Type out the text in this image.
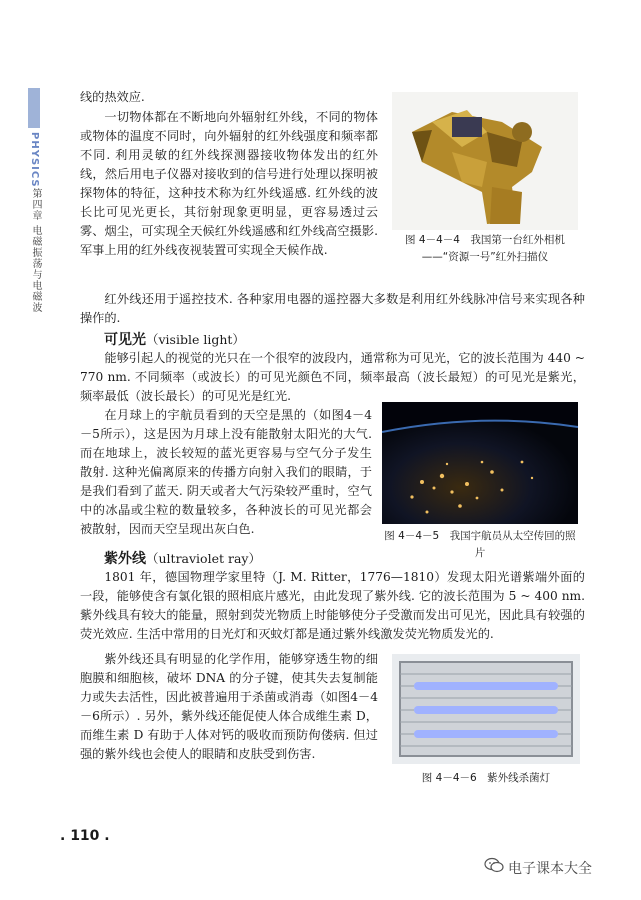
PHYSICS
第四章 电磁振荡与电磁波

线的热效应.

一切物体都在不断地向外辐射红外线，不同的物体或物体的温度不同时，向外辐射的红外线强度和频率都不同. 利用灵敏的红外线探测器接收物体发出的红外线，然后用电子仪器对接收到的信号进行处理以探明被探物体的特征，这种技术称为红外线遥感. 红外线的波长比可见光更长，其衍射现象更明显，更容易透过云雾、烟尘，可实现全天候红外线遥感和红外线高空摄影. 军事上用的红外线夜视装置可实现全天候作战.

图 4－4－4　我国第一台红外相机——“资源一号”红外扫描仪

红外线还用于遥控技术. 各种家用电器的遥控器大多数是利用红外线脉冲信号来实现各种操作的.

可见光（visible light）

能够引起人的视觉的光只在一个很窄的波段内，通常称为可见光，它的波长范围为 440 ~ 770 nm. 不同频率（或波长）的可见光颜色不同，频率最高（波长最短）的可见光是紫光，频率最低（波长最长）的可见光是红光.

在月球上的宇航员看到的天空是黑的（如图4－4－5所示），这是因为月球上没有能散射太阳光的大气. 而在地球上，波长较短的蓝光更容易与空气分子发生散射. 这种光偏离原来的传播方向射入我们的眼睛，于是我们看到了蓝天. 阴天或者大气污染较严重时，空气中的冰晶或尘粒的数量较多，各种波长的可见光都会被散射，因而天空呈现出灰白色.	图 4－4－5　我国宇航员从太空传回的照片

紫外线（ultraviolet ray）

1801 年，德国物理学家里特（J. M. Ritter，1776—1810）发现太阳光谱紫端外面的一段，能够使含有氯化银的照相底片感光，由此发现了紫外线. 它的波长范围为 5 ~ 400 nm. 紫外线具有较大的能量，照射到荧光物质上时能够使分子受激而发出可见光，因此具有较强的荧光效应. 生活中常用的日光灯和灭蚊灯都是通过紫外线激发荧光物质发光的.

紫外线还具有明显的化学作用，能够穿透生物的细胞膜和细胞核，破坏 DNA 的分子键，使其失去复制能力或失去活性，因此被普遍用于杀菌或消毒（如图4－4－6所示）. 另外，紫外线还能促使人体合成维生素 D，而维生素 D 有助于人体对钙的吸收而预防佝偻病. 但过强的紫外线也会使人的眼睛和皮肤受到伤害.

图 4－4－6　紫外线杀菌灯

. 110 .
电子课本大全
